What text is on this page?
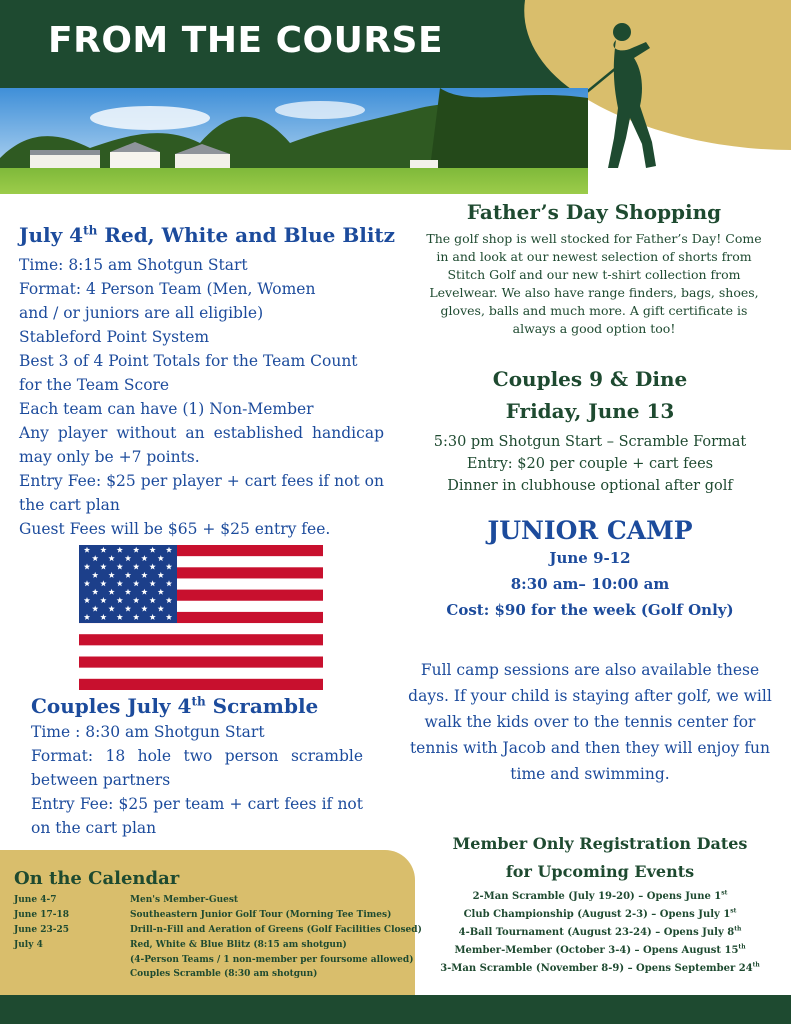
FROM THE COURSE
July 4th Red, White and Blue Blitz
Time: 8:15 am Shotgun Start
Format: 4 Person Team (Men, Women
and / or juniors are all eligible)
Stableford Point System
Best 3 of 4 Point Totals for the Team Count for the Team Score
Each team can have (1) Non-Member
Any player without an established handicap may only be +7 points.
Entry Fee: $25 per player + cart fees if not on the cart plan
Guest Fees will be $65 + $25 entry fee.
Couples July 4th Scramble
Time : 8:30 am Shotgun Start
Format: 18 hole two person scramble between partners
Entry Fee: $25 per team + cart fees if not on the cart plan
On the Calendar
June 4-7	Men's Member-Guest
June 17-18	Southeastern Junior Golf Tour (Morning Tee Times)
June 23-25	Drill-n-Fill and Aeration of Greens (Golf Facilities Closed)
July 4	Red, White & Blue Blitz (8:15 am shotgun)
(4-Person Teams / 1 non-member per foursome allowed)
Couples Scramble (8:30 am shotgun)
Father’s Day Shopping
The golf shop is well stocked for Father’s Day! Come in and look at our newest selection of shorts from Stitch Golf and our new t-shirt collection from Levelwear. We also have range finders, bags, shoes, gloves, balls and much more. A gift certificate is always a good option too!
Couples 9 & Dine
Friday, June 13
5:30 pm Shotgun Start – Scramble Format
Entry: $20 per couple + cart fees
Dinner in clubhouse optional after golf
JUNIOR CAMP
June 9-12
8:30 am– 10:00 am
Cost: $90 for the week (Golf Only)
Full camp sessions are also available these days. If your child is staying after golf, we will walk the kids over to the tennis center for tennis with Jacob and then they will enjoy fun time and swimming.
Member Only Registration Dates
for Upcoming Events
2-Man Scramble (July 19-20) – Opens June 1st
Club Championship (August 2-3) – Opens July 1st
4-Ball Tournament (August 23-24) – Opens July 8th
Member-Member (October 3-4) – Opens August 15th
3-Man Scramble (November 8-9) – Opens September 24th
